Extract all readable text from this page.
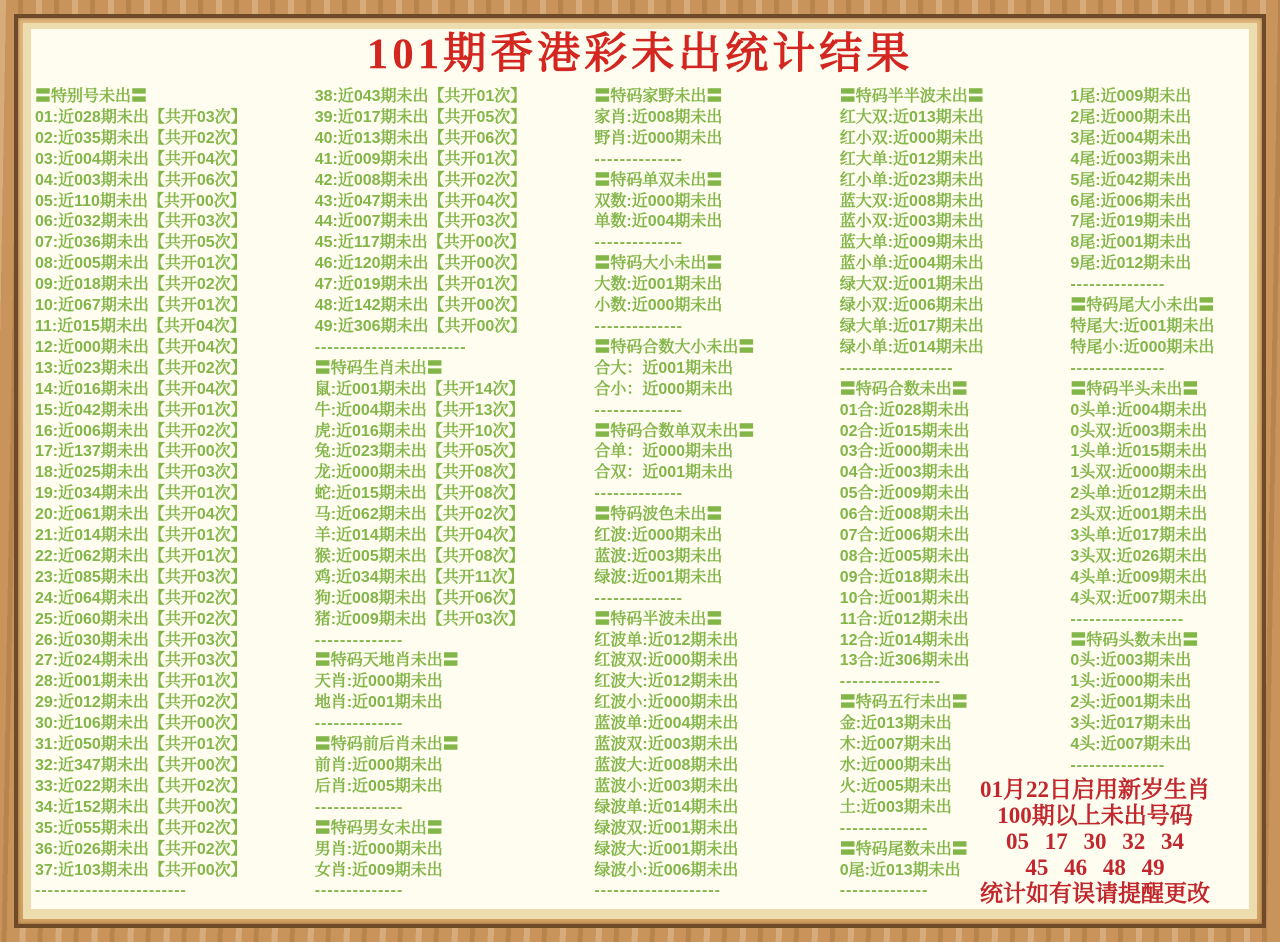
101期香港彩未出统计结果
〓特别号未出〓
01:近028期未出【共开03次】
02:近035期未出【共开02次】
03:近004期未出【共开04次】
04:近003期未出【共开06次】
05:近110期未出【共开00次】
06:近032期未出【共开03次】
07:近036期未出【共开05次】
08:近005期未出【共开01次】
09:近018期未出【共开02次】
10:近067期未出【共开01次】
11:近015期未出【共开04次】
12:近000期未出【共开04次】
13:近023期未出【共开02次】
14:近016期未出【共开04次】
15:近042期未出【共开01次】
16:近006期未出【共开02次】
17:近137期未出【共开00次】
18:近025期未出【共开03次】
19:近034期未出【共开01次】
20:近061期未出【共开04次】
21:近014期未出【共开01次】
22:近062期未出【共开01次】
23:近085期未出【共开03次】
24:近064期未出【共开02次】
25:近060期未出【共开02次】
26:近030期未出【共开03次】
27:近024期未出【共开03次】
28:近001期未出【共开01次】
29:近012期未出【共开02次】
30:近106期未出【共开00次】
31:近050期未出【共开01次】
32:近347期未出【共开00次】
33:近022期未出【共开02次】
34:近152期未出【共开00次】
35:近055期未出【共开02次】
36:近026期未出【共开02次】
37:近103期未出【共开00次】
------------------------
38:近043期未出【共开01次】
39:近017期未出【共开05次】
40:近013期未出【共开06次】
41:近009期未出【共开01次】
42:近008期未出【共开02次】
43:近047期未出【共开04次】
44:近007期未出【共开03次】
45:近117期未出【共开00次】
46:近120期未出【共开00次】
47:近019期未出【共开01次】
48:近142期未出【共开00次】
49:近306期未出【共开00次】
------------------------
〓特码生肖未出〓
鼠:近001期未出【共开14次】
牛:近004期未出【共开13次】
虎:近016期未出【共开10次】
兔:近023期未出【共开05次】
龙:近000期未出【共开08次】
蛇:近015期未出【共开08次】
马:近062期未出【共开02次】
羊:近014期未出【共开04次】
猴:近005期未出【共开08次】
鸡:近034期未出【共开11次】
狗:近008期未出【共开06次】
猪:近009期未出【共开03次】
--------------
〓特码天地肖未出〓
天肖:近000期未出
地肖:近001期未出
--------------
〓特码前后肖未出〓
前肖:近000期未出
后肖:近005期未出
--------------
〓特码男女未出〓
男肖:近000期未出
女肖:近009期未出
--------------
〓特码家野未出〓
家肖:近008期未出
野肖:近000期未出
--------------
〓特码单双未出〓
双数:近000期未出
单数:近004期未出
--------------
〓特码大小未出〓
大数:近001期未出
小数:近000期未出
--------------
〓特码合数大小未出〓
合大：近001期未出
合小：近000期未出
--------------
〓特码合数单双未出〓
合单：近000期未出
合双：近001期未出
--------------
〓特码波色未出〓
红波:近000期未出
蓝波:近003期未出
绿波:近001期未出
--------------
〓特码半波未出〓
红波单:近012期未出
红波双:近000期未出
红波大:近012期未出
红波小:近000期未出
蓝波单:近004期未出
蓝波双:近003期未出
蓝波大:近008期未出
蓝波小:近003期未出
绿波单:近014期未出
绿波双:近001期未出
绿波大:近001期未出
绿波小:近006期未出
--------------------
〓特码半半波未出〓
红大双:近013期未出
红小双:近000期未出
红大单:近012期未出
红小单:近023期未出
蓝大双:近008期未出
蓝小双:近003期未出
蓝大单:近009期未出
蓝小单:近004期未出
绿大双:近001期未出
绿小双:近006期未出
绿大单:近017期未出
绿小单:近014期未出
------------------
〓特码合数未出〓
01合:近028期未出
02合:近015期未出
03合:近000期未出
04合:近003期未出
05合:近009期未出
06合:近008期未出
07合:近006期未出
08合:近005期未出
09合:近018期未出
10合:近001期未出
11合:近012期未出
12合:近014期未出
13合:近306期未出
----------------
〓特码五行未出〓
金:近013期未出
木:近007期未出
水:近000期未出
火:近005期未出
土:近003期未出
--------------
〓特码尾数未出〓
0尾:近013期未出
--------------
1尾:近009期未出
2尾:近000期未出
3尾:近004期未出
4尾:近003期未出
5尾:近042期未出
6尾:近006期未出
7尾:近019期未出
8尾:近001期未出
9尾:近012期未出
---------------
〓特码尾大小未出〓
特尾大:近001期未出
特尾小:近000期未出
---------------
〓特码半头未出〓
0头单:近004期未出
0头双:近003期未出
1头单:近015期未出
1头双:近000期未出
2头单:近012期未出
2头双:近001期未出
3头单:近017期未出
3头双:近026期未出
4头单:近009期未出
4头双:近007期未出
------------------
〓特码头数未出〓
0头:近003期未出
1头:近000期未出
2头:近001期未出
3头:近017期未出
4头:近007期未出
---------------
01月22日启用新岁生肖
100期以上未出号码
05 17 30 32 34
45 46 48 49
统计如有误请提醒更改
